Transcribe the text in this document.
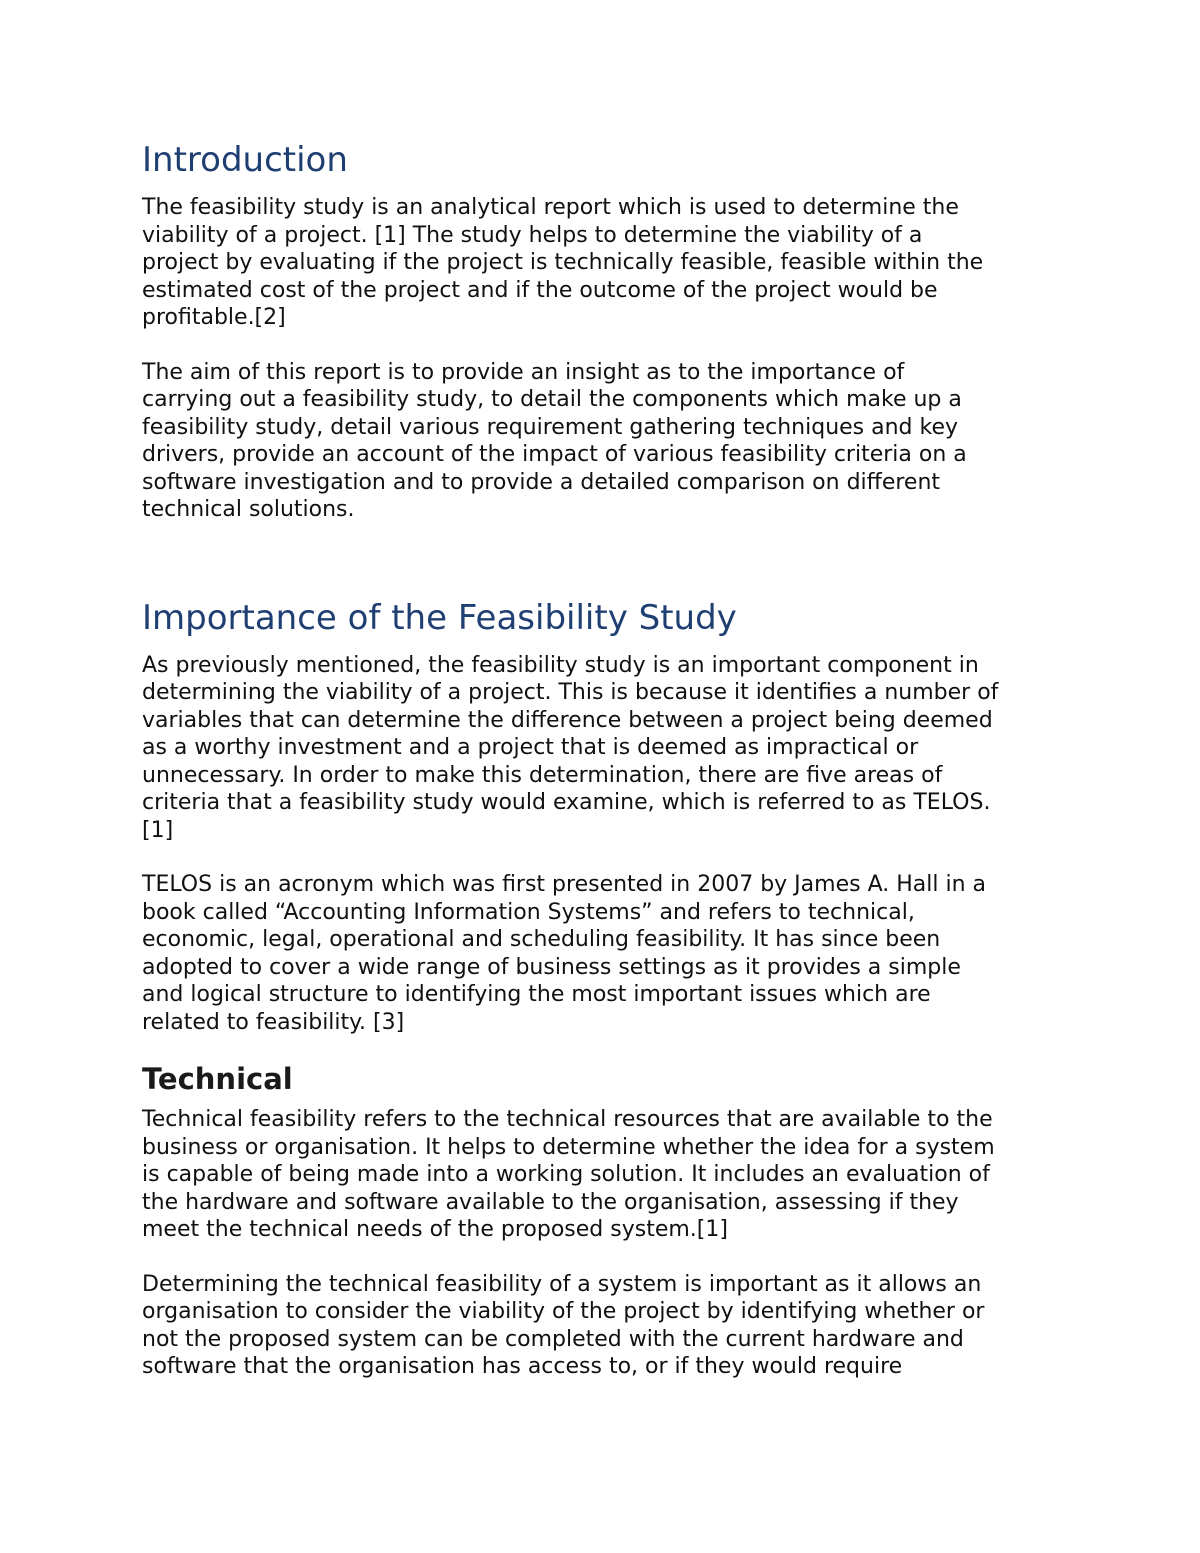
Introduction
The feasibility study is an analytical report which is used to determine the
viability of a project. [1] The study helps to determine the viability of a
project by evaluating if the project is technically feasible, feasible within the
estimated cost of the project and if the outcome of the project would be
profitable.[2]
The aim of this report is to provide an insight as to the importance of
carrying out a feasibility study, to detail the components which make up a
feasibility study, detail various requirement gathering techniques and key
drivers, provide an account of the impact of various feasibility criteria on a
software investigation and to provide a detailed comparison on different
technical solutions.
Importance of the Feasibility Study
As previously mentioned, the feasibility study is an important component in
determining the viability of a project. This is because it identifies a number of
variables that can determine the difference between a project being deemed
as a worthy investment and a project that is deemed as impractical or
unnecessary. In order to make this determination, there are five areas of
criteria that a feasibility study would examine, which is referred to as TELOS.
[1]
TELOS is an acronym which was first presented in 2007 by James A. Hall in a
book called “Accounting Information Systems” and refers to technical,
economic, legal, operational and scheduling feasibility. It has since been
adopted to cover a wide range of business settings as it provides a simple
and logical structure to identifying the most important issues which are
related to feasibility. [3]
Technical
Technical feasibility refers to the technical resources that are available to the
business or organisation. It helps to determine whether the idea for a system
is capable of being made into a working solution. It includes an evaluation of
the hardware and software available to the organisation, assessing if they
meet the technical needs of the proposed system.[1]
Determining the technical feasibility of a system is important as it allows an
organisation to consider the viability of the project by identifying whether or
not the proposed system can be completed with the current hardware and
software that the organisation has access to, or if they would require
